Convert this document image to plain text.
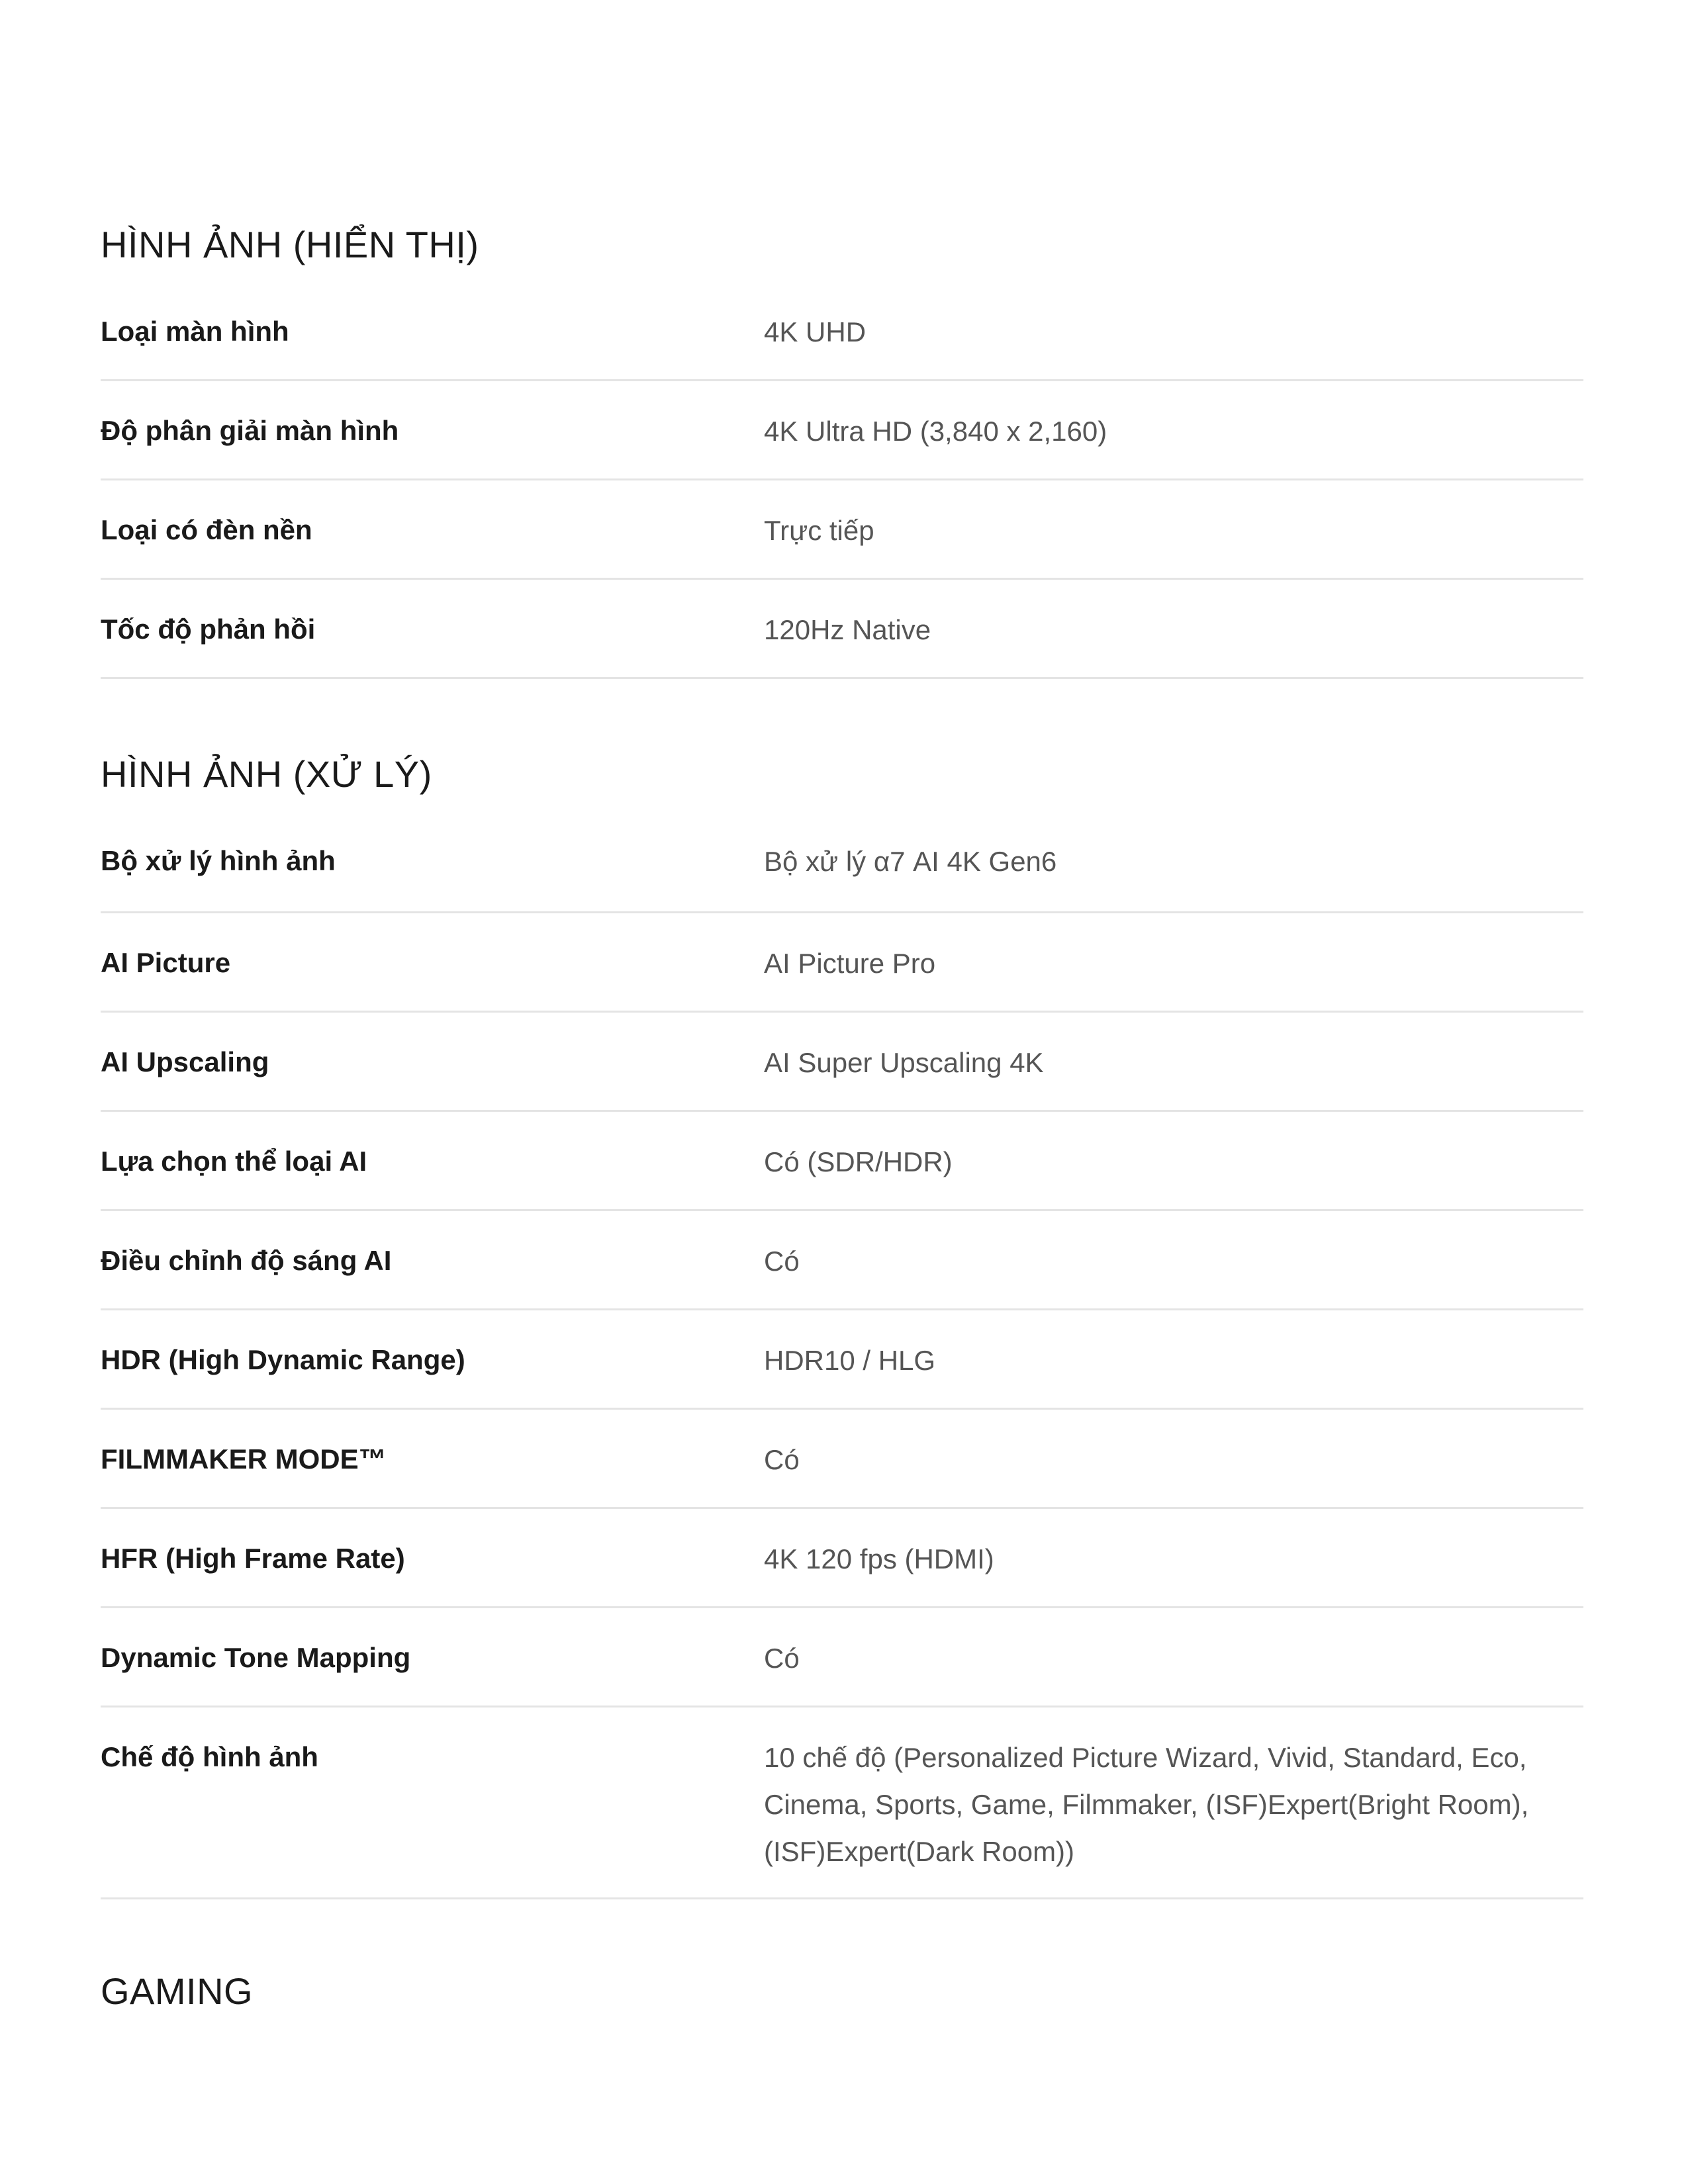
HÌNH ẢNH (HIỂN THỊ)
Loại màn hình	4K UHD
Độ phân giải màn hình	4K Ultra HD (3,840 x 2,160)
Loại có đèn nền	Trực tiếp
Tốc độ phản hồi	120Hz Native
HÌNH ẢNH (XỬ LÝ)
Bộ xử lý hình ảnh	Bộ xử lý α7 AI 4K Gen6
AI Picture	AI Picture Pro
AI Upscaling	AI Super Upscaling 4K
Lựa chọn thể loại AI	Có (SDR/HDR)
Điều chỉnh độ sáng AI	Có
HDR (High Dynamic Range)	HDR10 / HLG
FILMMAKER MODE™	Có
HFR (High Frame Rate)	4K 120 fps (HDMI)
Dynamic Tone Mapping	Có
Chế độ hình ảnh	10 chế độ (Personalized Picture Wizard, Vivid, Standard, Eco, Cinema, Sports, Game, Filmmaker, (ISF)Expert(Bright Room), (ISF)Expert(Dark Room))
GAMING
